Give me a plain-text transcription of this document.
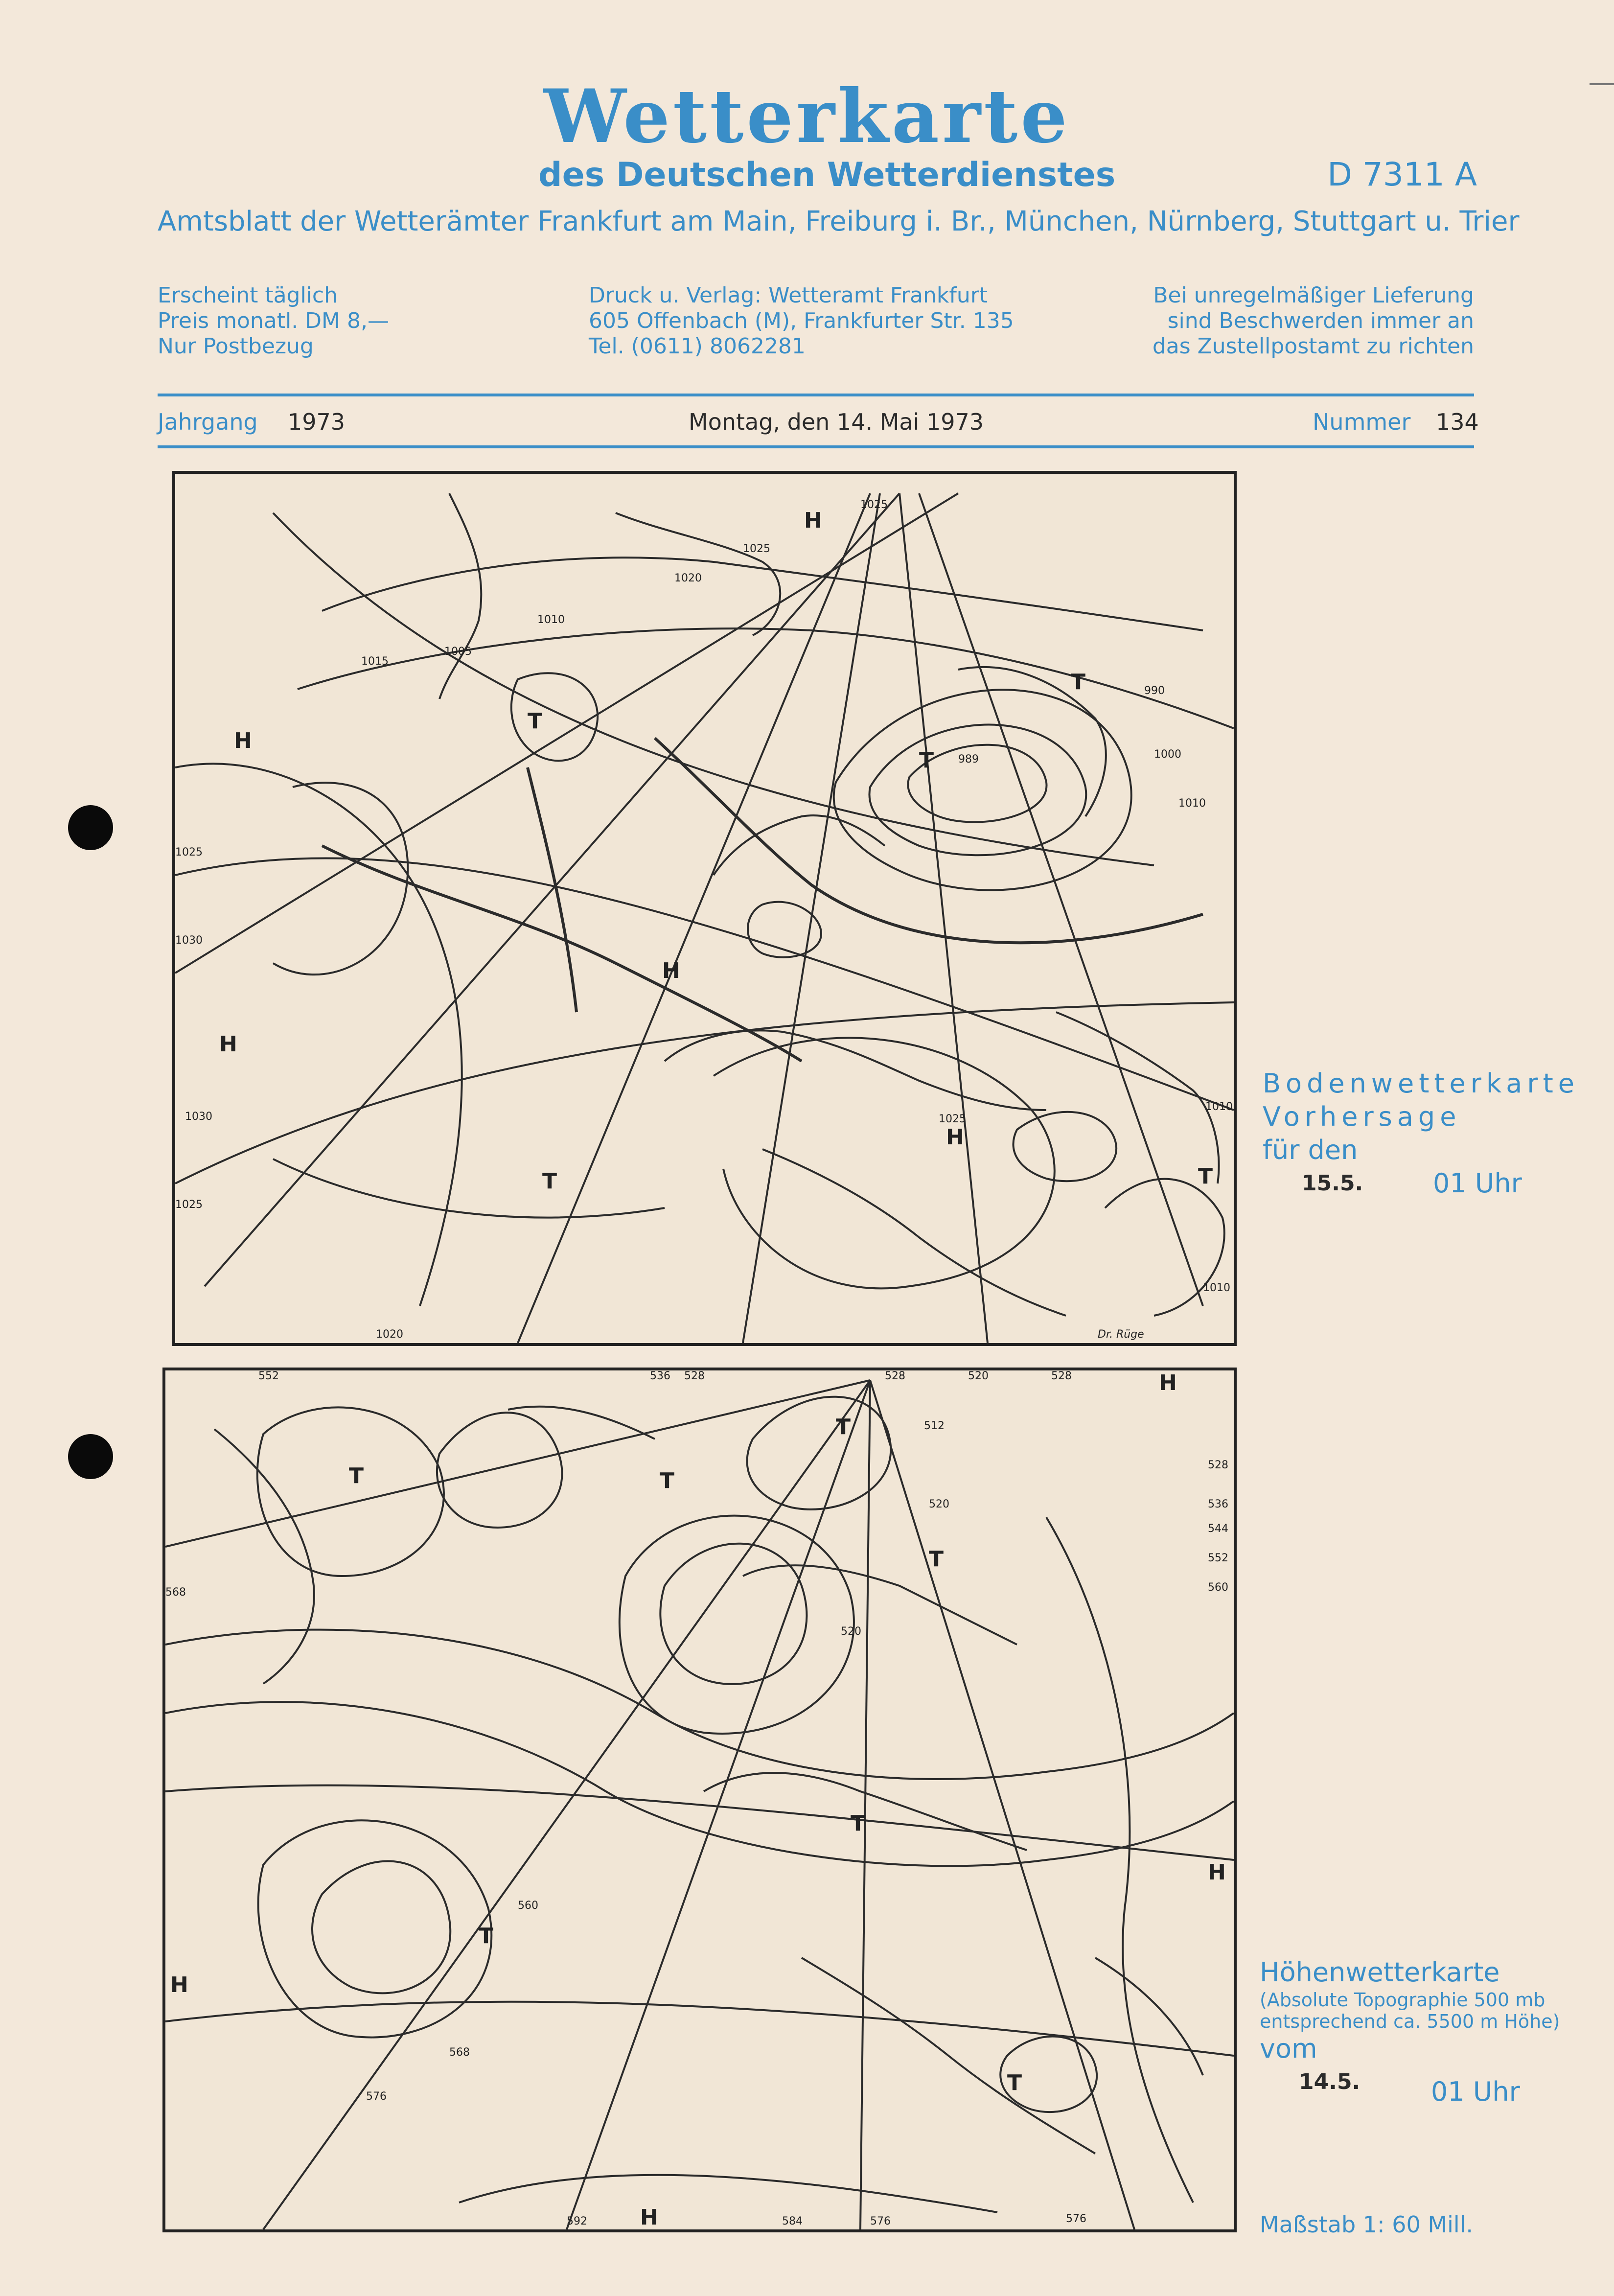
Wetterkarte
des Deutschen Wetterdienstes	D 7311 A
Amtsblatt der Wetterämter Frankfurt am Main, Freiburg i. Br., München, Nürnberg, Stuttgart u. Trier
Erscheint täglich
Preis monatl. DM 8,—
Nur Postbezug
Druck u. Verlag: Wetteramt Frankfurt
605 Offenbach (M), Frankfurter Str. 135
Tel. (0611) 8062281
Bei unregelmäßiger Lieferung
sind Beschwerden immer an
das Zustellpostamt zu richten
Jahrgang 1973	Montag, den 14. Mai 1973	Nummer 134
H
H
H
H
H
T
T
T
T	T
1025
1025
1020
1015
1010
1005
990
989	1000
1010
1025
1030
1030
1025
1025
1010
1010
1020	Dr. Rüge
Bodenwetterkarte
Vorhersage
für den
15.5.	01 Uhr
T	T
T
T
T
T
T
H
H
H
H
552	528	520	528
536 528
528
536
544
552
560
512
520
520
568
560
568
576
592	584	576
576
Höhenwetterkarte
(Absolute Topographie 500 mb
entsprechend ca. 5500 m Höhe)
vom
14.5.	01 Uhr
Maßstab 1: 60 Mill.
